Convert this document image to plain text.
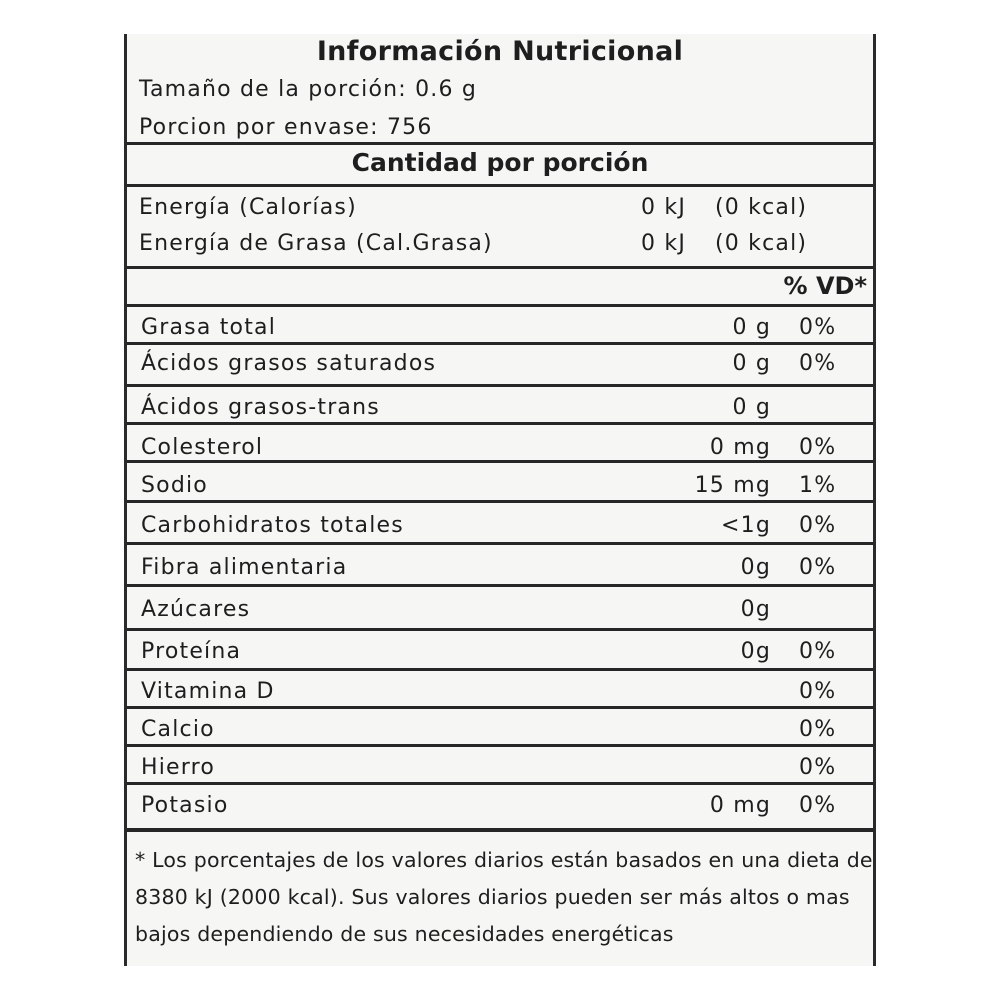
Información Nutricional
Tamaño de la porción: 0.6 g
Porcion por envase: 756
Cantidad por porción
Energía (Calorías)	0 kJ (0 kcal)
Energía de Grasa (Cal.Grasa)	0 kJ (0 kcal)
% VD*
Grasa total	0 g 0%
Ácidos grasos saturados	0 g 0%
Ácidos grasos-trans	0 g
Colesterol	0 mg 0%
Sodio	15 mg 1%
Carbohidratos totales	<1g 0%
Fibra alimentaria	0g 0%
Azúcares	0g
Proteína	0g 0%
Vitamina D	0%
Calcio	0%
Hierro	0%
Potasio	0 mg 0%
* Los porcentajes de los valores diarios están basados en una dieta de
8380 kJ (2000 kcal). Sus valores diarios pueden ser más altos o mas
bajos dependiendo de sus necesidades energéticas
